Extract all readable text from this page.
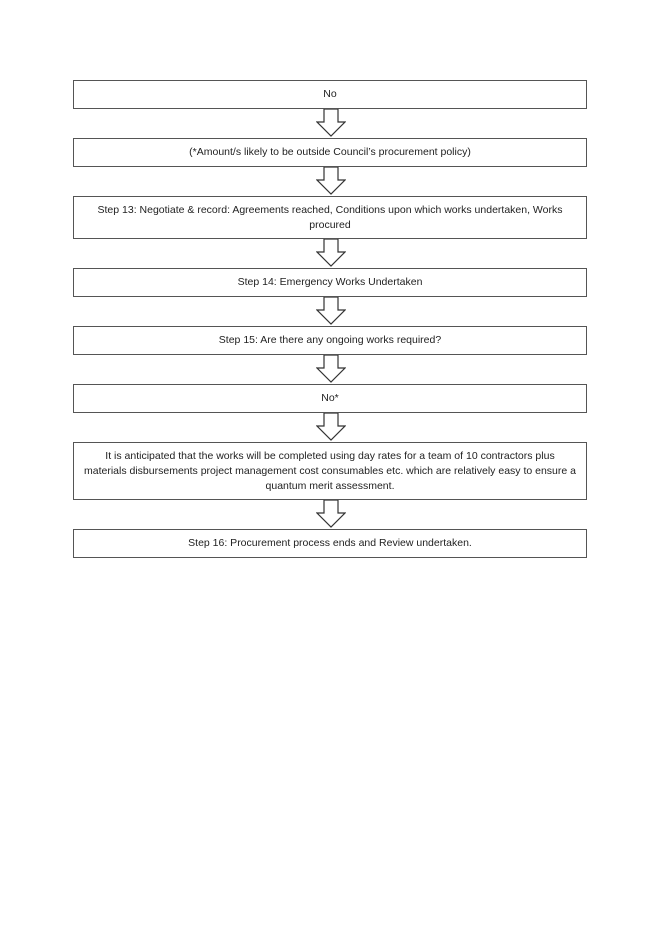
No
(*Amount/s likely to be outside Council’s procurement policy)
Step 13: Negotiate & record: Agreements reached, Conditions upon which works undertaken, Works procured
Step 14: Emergency Works Undertaken
Step 15: Are there any ongoing works required?
No*
It is anticipated that the works will be completed using day rates for a team of 10 contractors plus materials disbursements project management cost consumables etc. which are relatively easy to ensure a quantum merit assessment.
Step 16: Procurement process ends and Review undertaken.
